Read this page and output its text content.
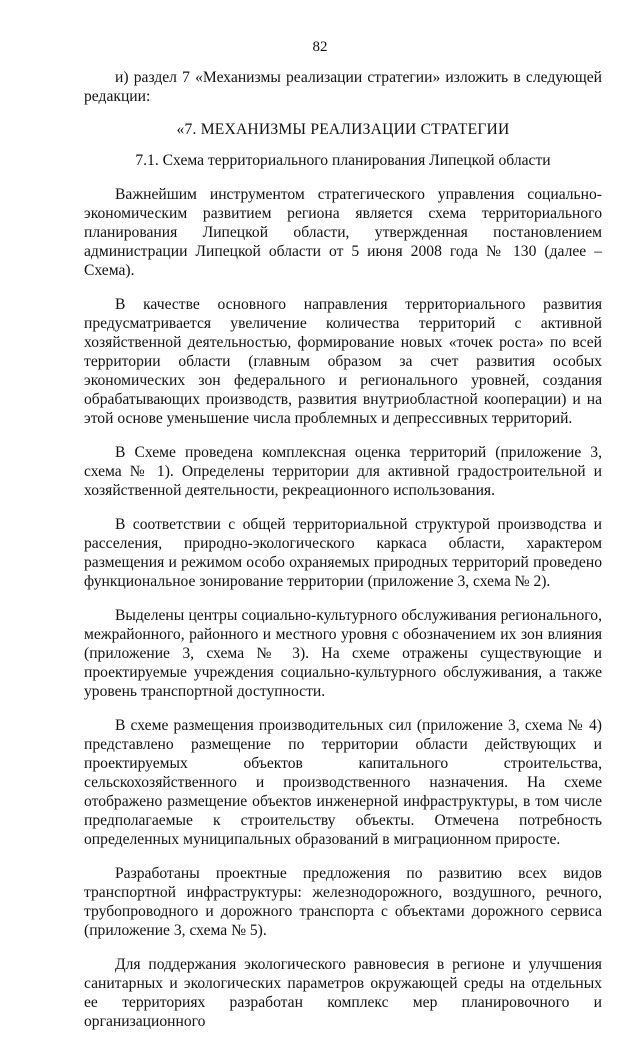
82

и) раздел 7 «Механизмы реализации стратегии» изложить в следующей редакции:

«7. МЕХАНИЗМЫ РЕАЛИЗАЦИИ СТРАТЕГИИ
7.1. Схема территориального планирования Липецкой области

Важнейшим инструментом стратегического управления социально-экономическим развитием региона является схема территориального планирования Липецкой области, утвержденная постановлением администрации Липецкой области от 5 июня 2008 года № 130 (далее – Схема).

В качестве основного направления территориального развития предусматривается увеличение количества территорий с активной хозяйственной деятельностью, формирование новых «точек роста» по всей территории области (главным образом за счет развития особых экономических зон федерального и регионального уровней, создания обрабатывающих производств, развития внутриобластной кооперации) и на этой основе уменьшение числа проблемных и депрессивных территорий.

В Схеме проведена комплексная оценка территорий (приложение 3, схема № 1). Определены территории для активной градостроительной и хозяйственной деятельности, рекреационного использования.

В соответствии с общей территориальной структурой производства и расселения, природно-экологического каркаса области, характером размещения и режимом особо охраняемых природных территорий проведено функциональное зонирование территории (приложение 3, схема № 2).

Выделены центры социально-культурного обслуживания регионального, межрайонного, районного и местного уровня с обозначением их зон влияния (приложение 3, схема № 3). На схеме отражены существующие и проектируемые учреждения социально-культурного обслуживания, а также уровень транспортной доступности.

В схеме размещения производительных сил (приложение 3, схема № 4) представлено размещение по территории области действующих и проектируемых объектов капитального строительства, сельскохозяйственного и производственного назначения. На схеме отображено размещение объектов инженерной инфраструктуры, в том числе предполагаемые к строительству объекты. Отмечена потребность определенных муниципальных образований в миграционном приросте.

Разработаны проектные предложения по развитию всех видов транспортной инфраструктуры: железнодорожного, воздушного, речного, трубопроводного и дорожного транспорта с объектами дорожного сервиса (приложение 3, схема № 5).

Для поддержания экологического равновесия в регионе и улучшения санитарных и экологических параметров окружающей среды на отдельных ее территориях разработан комплекс мер планировочного и организационного
